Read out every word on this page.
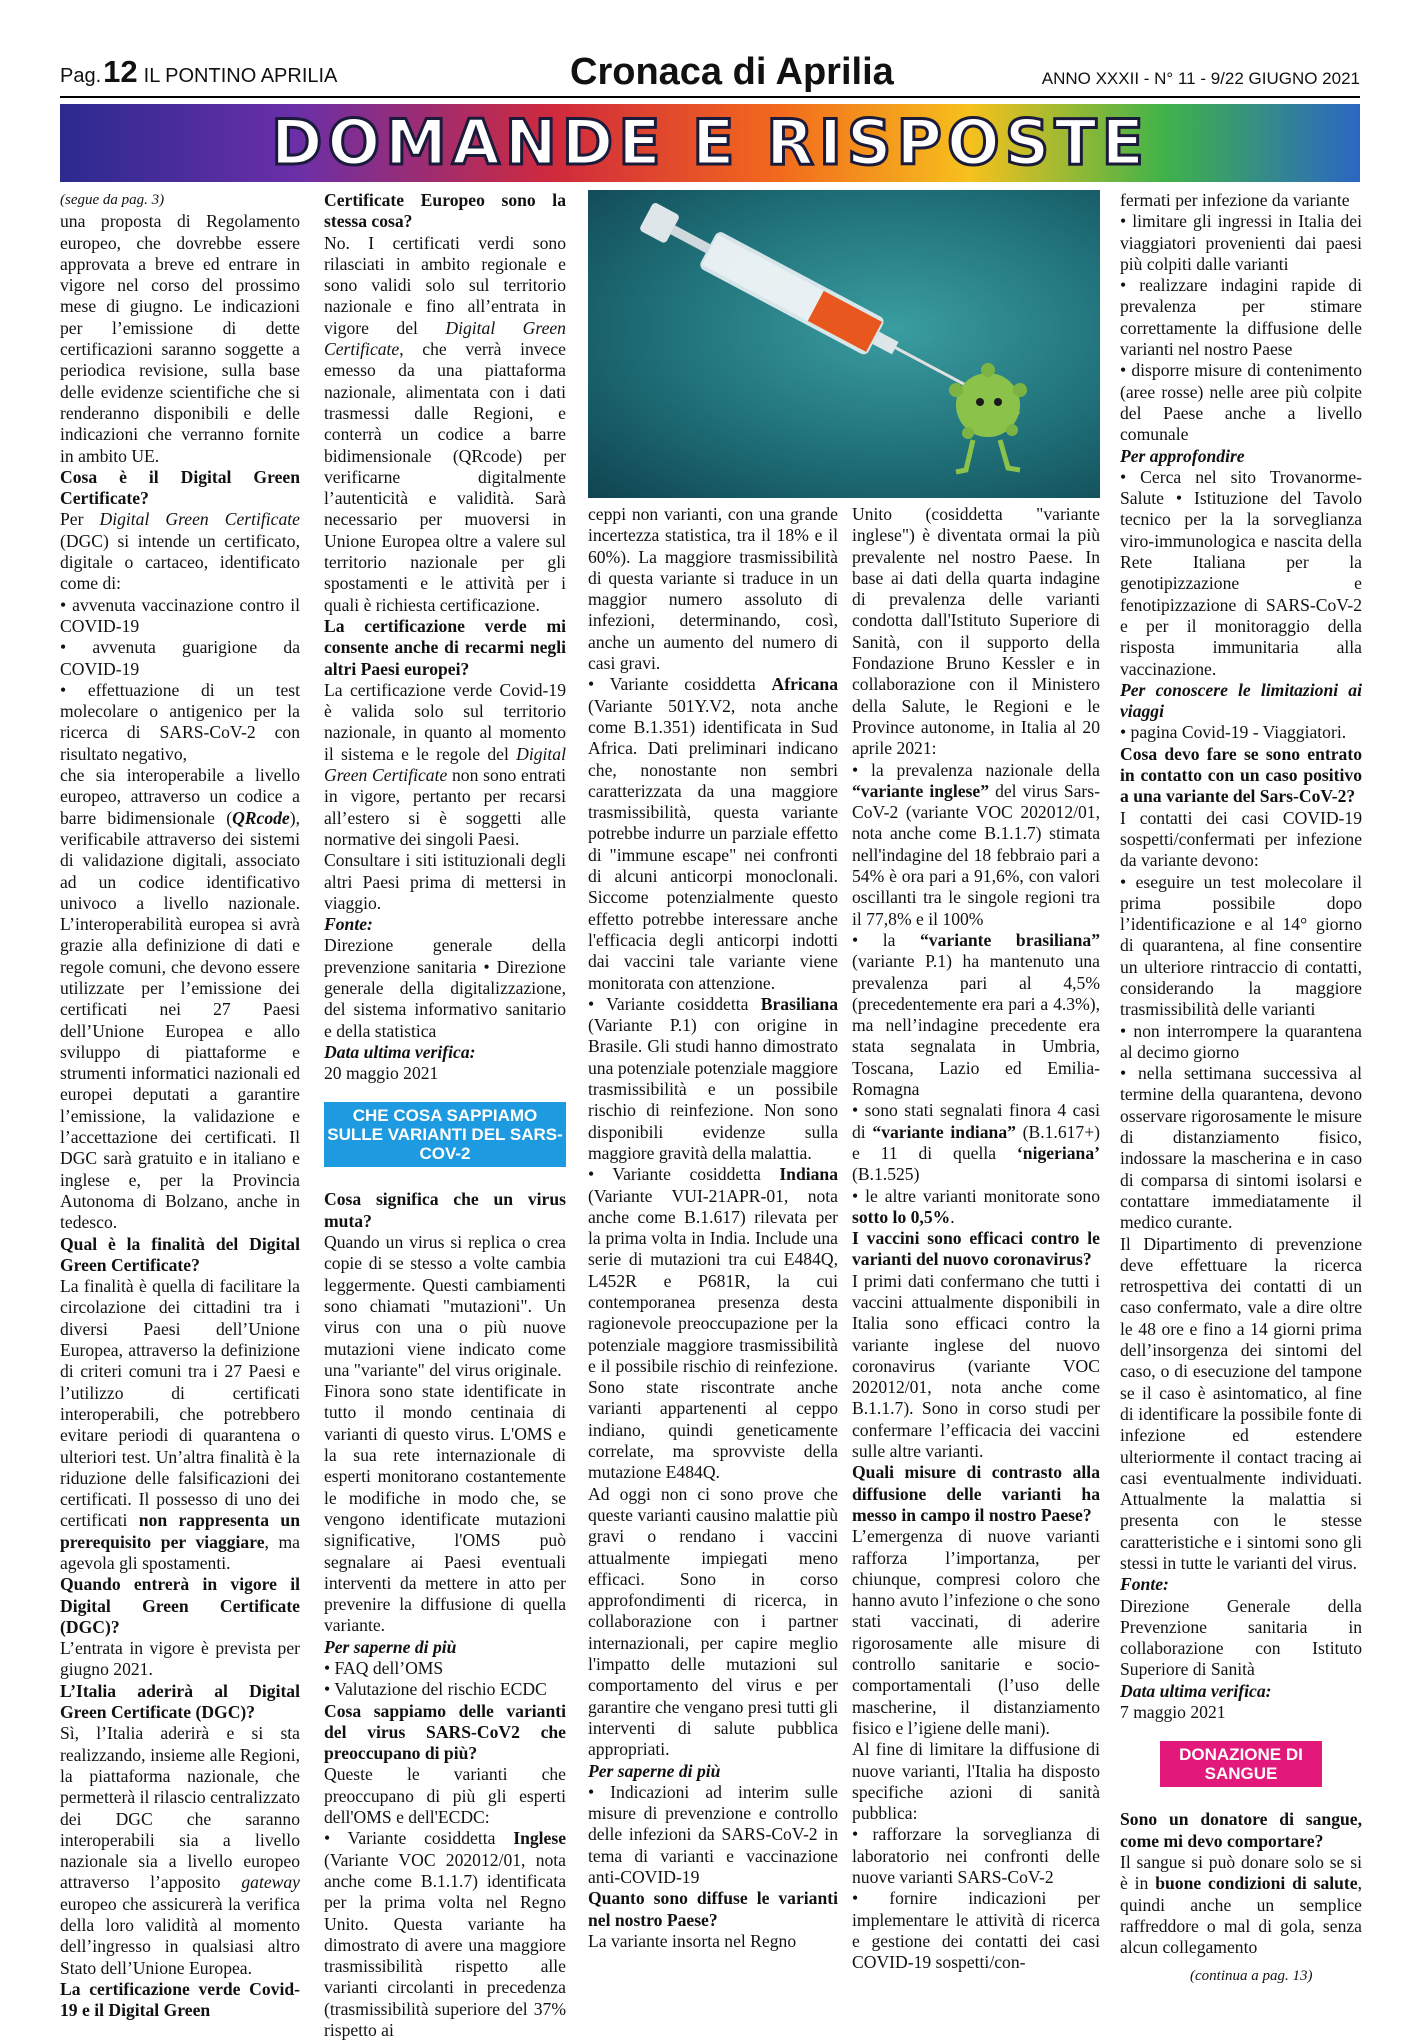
Pag.12 IL PONTINO APRILIA	Cronaca di Aprilia	ANNO XXXII - N° 11 - 9/22 GIUGNO 2021
DOMANDE E RISPOSTE

(segue da pag. 3)

una proposta di Regolamento europeo, che dovrebbe essere approvata a breve ed entrare in vigore nel corso del prossimo mese di giugno. Le indicazioni per l’emissione di dette certificazioni saranno soggette a periodica revisione, sulla base delle evidenze scientifiche che si renderanno disponibili e delle indicazioni che verranno fornite in ambito UE.

Cosa è il Digital Green Certificate?

Per Digital Green Certificate (DGC) si intende un certificato, digitale o cartaceo, identificato come di:

• avvenuta vaccinazione contro il COVID-19

• avvenuta guarigione da COVID-19

• effettuazione di un test molecolare o antigenico per la ricerca di SARS-CoV-2 con risultato negativo,

che sia interoperabile a livello europeo, attraverso un codice a barre bidimensionale (QRcode), verificabile attraverso dei sistemi di validazione digitali, associato ad un codice identificativo univoco a livello nazionale. L’interoperabilità europea si avrà grazie alla definizione di dati e regole comuni, che devono essere utilizzate per l’emissione dei certificati nei 27 Paesi dell’Unione Europea e allo sviluppo di piattaforme e strumenti informatici nazionali ed europei deputati a garantire l’emissione, la validazione e l’accettazione dei certificati. Il DGC sarà gratuito e in italiano e inglese e, per la Provincia Autonoma di Bolzano, anche in tedesco.

Qual è la finalità del Digital Green Certificate?

La finalità è quella di facilitare la circolazione dei cittadini tra i diversi Paesi dell’Unione Europea, attraverso la definizione di criteri comuni tra i 27 Paesi e l’utilizzo di certificati interoperabili, che potrebbero evitare periodi di quarantena o ulteriori test. Un’altra finalità è la riduzione delle falsificazioni dei certificati. Il possesso di uno dei certificati non rappresenta un prerequisito per viaggiare, ma agevola gli spostamenti.

Quando entrerà in vigore il Digital Green Certificate (DGC)?

L’entrata in vigore è prevista per giugno 2021.

L’Italia aderirà al Digital Green Certificate (DGC)?

Sì, l’Italia aderirà e si sta realizzando, insieme alle Regioni, la piattaforma nazionale, che permetterà il rilascio centralizzato dei DGC che saranno interoperabili sia a livello nazionale sia a livello europeo attraverso l’apposito gateway europeo che assicurerà la verifica della loro validità al momento dell’ingresso in qualsiasi altro Stato dell’Unione Europea.

La certificazione verde Covid-19 e il Digital Green

Certificate Europeo sono la stessa cosa?

No. I certificati verdi sono rilasciati in ambito regionale e sono validi solo sul territorio nazionale e fino all’entrata in vigore del Digital Green Certificate, che verrà invece emesso da una piattaforma nazionale, alimentata con i dati trasmessi dalle Regioni, e conterrà un codice a barre bidimensionale (QRcode) per verificarne digitalmente l’autenticità e validità. Sarà necessario per muoversi in Unione Europea oltre a valere sul territorio nazionale per gli spostamenti e le attività per i quali è richiesta certificazione.

La certificazione verde mi consente anche di recarmi negli altri Paesi europei?

La certificazione verde Covid-19 è valida solo sul territorio nazionale, in quanto al momento il sistema e le regole del Digital Green Certificate non sono entrati in vigore, pertanto per recarsi all’estero si è soggetti alle normative dei singoli Paesi.

Consultare i siti istituzionali degli altri Paesi prima di mettersi in viaggio.

Fonte:

Direzione generale della prevenzione sanitaria • Direzione generale della digitalizzazione, del sistema informativo sanitario e della statistica

Data ultima verifica:

20 maggio 2021

CHE COSA SAPPIAMO SULLE VARIANTI DEL SARS-COV-2

Cosa significa che un virus muta?

Quando un virus si replica o crea copie di se stesso a volte cambia leggermente. Questi cambiamenti sono chiamati "mutazioni". Un virus con una o più nuove mutazioni viene indicato come una "variante" del virus originale.

Finora sono state identificate in tutto il mondo centinaia di varianti di questo virus. L'OMS e la sua rete internazionale di esperti monitorano costantemente le modifiche in modo che, se vengono identificate mutazioni significative, l'OMS può segnalare ai Paesi eventuali interventi da mettere in atto per prevenire la diffusione di quella variante.

Per saperne di più

• FAQ dell’OMS

• Valutazione del rischio ECDC

Cosa sappiamo delle varianti del virus SARS-CoV2 che preoccupano di più?

Queste le varianti che preoccupano di più gli esperti dell'OMS e dell'ECDC:

• Variante cosiddetta Inglese (Variante VOC 202012/01, nota anche come B.1.1.7) identificata per la prima volta nel Regno Unito. Questa variante ha dimostrato di avere una maggiore trasmissibilità rispetto alle varianti circolanti in precedenza (trasmissibilità superiore del 37% rispetto ai

ceppi non varianti, con una grande incertezza statistica, tra il 18% e il 60%). La maggiore trasmissibilità di questa variante si traduce in un maggior numero assoluto di infezioni, determinando, così, anche un aumento del numero di casi gravi.

• Variante cosiddetta Africana (Variante 501Y.V2, nota anche come B.1.351) identificata in Sud Africa. Dati preliminari indicano che, nonostante non sembri caratterizzata da una maggiore trasmissibilità, questa variante potrebbe indurre un parziale effetto di "immune escape" nei confronti di alcuni anticorpi monoclonali. Siccome potenzialmente questo effetto potrebbe interessare anche l'efficacia degli anticorpi indotti dai vaccini tale variante viene monitorata con attenzione.

• Variante cosiddetta Brasiliana (Variante P.1) con origine in Brasile. Gli studi hanno dimostrato una potenziale potenziale maggiore trasmissibilità e un possibile rischio di reinfezione. Non sono disponibili evidenze sulla maggiore gravità della malattia.

• Variante cosiddetta Indiana (Variante VUI-21APR-01, nota anche come B.1.617) rilevata per la prima volta in India. Include una serie di mutazioni tra cui E484Q, L452R e P681R, la cui contemporanea presenza desta ragionevole preoccupazione per la potenziale maggiore trasmissibilità e il possibile rischio di reinfezione. Sono state riscontrate anche varianti appartenenti al ceppo indiano, quindi geneticamente correlate, ma sprovviste della mutazione E484Q.

Ad oggi non ci sono prove che queste varianti causino malattie più gravi o rendano i vaccini attualmente impiegati meno efficaci. Sono in corso approfondimenti di ricerca, in collaborazione con i partner internazionali, per capire meglio l'impatto delle mutazioni sul comportamento del virus e per garantire che vengano presi tutti gli interventi di salute pubblica appropriati.

Per saperne di più

• Indicazioni ad interim sulle misure di prevenzione e controllo delle infezioni da SARS-CoV-2 in tema di varianti e vaccinazione anti-COVID-19

Quanto sono diffuse le varianti nel nostro Paese?

La variante insorta nel Regno

Unito (cosiddetta "variante inglese") è diventata ormai la più prevalente nel nostro Paese. In base ai dati della quarta indagine di prevalenza delle varianti condotta dall'Istituto Superiore di Sanità, con il supporto della Fondazione Bruno Kessler e in collaborazione con il Ministero della Salute, le Regioni e le Province autonome, in Italia al 20 aprile 2021:

• la prevalenza nazionale della “variante inglese” del virus Sars-CoV-2 (variante VOC 202012/01, nota anche come B.1.1.7) stimata nell'indagine del 18 febbraio pari a 54% è ora pari a 91,6%, con valori oscillanti tra le singole regioni tra il 77,8% e il 100%

• la “variante brasiliana” (variante P.1) ha mantenuto una prevalenza pari al 4,5% (precedentemente era pari a 4.3%), ma nell’indagine precedente era stata segnalata in Umbria, Toscana, Lazio ed Emilia-Romagna

• sono stati segnalati finora 4 casi di “variante indiana” (B.1.617+) e 11 di quella ‘nigeriana’ (B.1.525)

• le altre varianti monitorate sono sotto lo 0,5%.

I vaccini sono efficaci contro le varianti del nuovo coronavirus?

I primi dati confermano che tutti i vaccini attualmente disponibili in Italia sono efficaci contro la variante inglese del nuovo coronavirus (variante VOC 202012/01, nota anche come B.1.1.7). Sono in corso studi per confermare l’efficacia dei vaccini sulle altre varianti.

Quali misure di contrasto alla diffusione delle varianti ha messo in campo il nostro Paese?

L’emergenza di nuove varianti rafforza l’importanza, per chiunque, compresi coloro che hanno avuto l’infezione o che sono stati vaccinati, di aderire rigorosamente alle misure di controllo sanitarie e socio-comportamentali (l’uso delle mascherine, il distanziamento fisico e l’igiene delle mani).

Al fine di limitare la diffusione di nuove varianti, l'Italia ha disposto specifiche azioni di sanità pubblica:

• rafforzare la sorveglianza di laboratorio nei confronti delle nuove varianti SARS-CoV-2

• fornire indicazioni per implementare le attività di ricerca e gestione dei contatti dei casi COVID-19 sospetti/con-

fermati per infezione da variante

• limitare gli ingressi in Italia dei viaggiatori provenienti dai paesi più colpiti dalle varianti

• realizzare indagini rapide di prevalenza per stimare correttamente la diffusione delle varianti nel nostro Paese

• disporre misure di contenimento (aree rosse) nelle aree più colpite del Paese anche a livello comunale

Per approfondire

• Cerca nel sito Trovanorme-Salute • Istituzione del Tavolo tecnico per la la sorveglianza viro-immunologica e nascita della Rete Italiana per la genotipizzazione e fenotipizzazione di SARS-CoV-2 e per il monitoraggio della risposta immunitaria alla vaccinazione.

Per conoscere le limitazioni ai viaggi

• pagina Covid-19 - Viaggiatori.

Cosa devo fare se sono entrato in contatto con un caso positivo a una variante del Sars-CoV-2?

I contatti dei casi COVID-19 sospetti/confermati per infezione da variante devono:

• eseguire un test molecolare il prima possibile dopo l’identificazione e al 14° giorno di quarantena, al fine consentire un ulteriore rintraccio di contatti, considerando la maggiore trasmissibilità delle varianti

• non interrompere la quarantena al decimo giorno

• nella settimana successiva al termine della quarantena, devono osservare rigorosamente le misure di distanziamento fisico, indossare la mascherina e in caso di comparsa di sintomi isolarsi e contattare immediatamente il medico curante.

Il Dipartimento di prevenzione deve effettuare la ricerca retrospettiva dei contatti di un caso confermato, vale a dire oltre le 48 ore e fino a 14 giorni prima dell’insorgenza dei sintomi del caso, o di esecuzione del tampone se il caso è asintomatico, al fine di identificare la possibile fonte di infezione ed estendere ulteriormente il contact tracing ai casi eventualmente individuati. Attualmente la malattia si presenta con le stesse caratteristiche e i sintomi sono gli stessi in tutte le varianti del virus.

Fonte:

Direzione Generale della Prevenzione sanitaria in collaborazione con Istituto Superiore di Sanità

Data ultima verifica:

7 maggio 2021

DONAZIONE DI SANGUE

Sono un donatore di sangue, come mi devo comportare?

Il sangue si può donare solo se si è in buone condizioni di salute, quindi anche un semplice raffreddore o mal di gola, senza alcun collegamento

(continua a pag. 13)
